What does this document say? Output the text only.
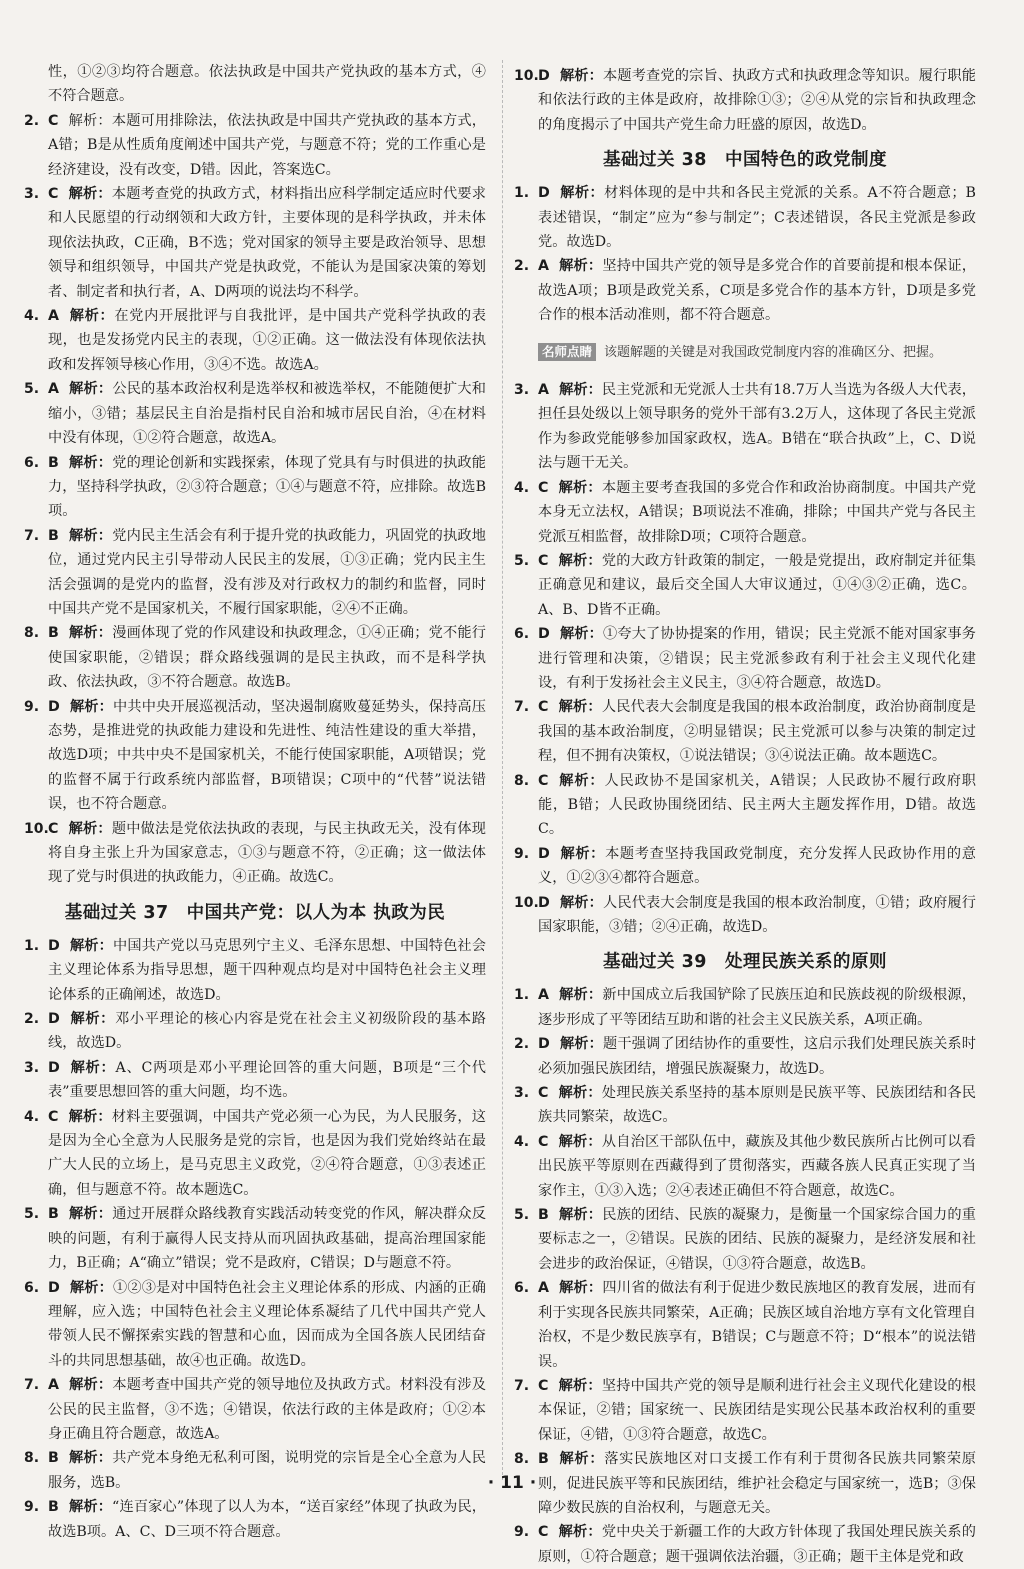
性，①②③均符合题意。依法执政是中国共产党执政的基本方式，④不符合题意。

2. C 解析：本题可用排除法，依法执政是中国共产党执政的基本方式，A错；B是从性质角度阐述中国共产党，与题意不符；党的工作重心是经济建设，没有改变，D错。因此，答案选C。

3. C 解析：本题考查党的执政方式，材料指出应科学制定适应时代要求和人民愿望的行动纲领和大政方针，主要体现的是科学执政，并未体现依法执政，C正确，B不选；党对国家的领导主要是政治领导、思想领导和组织领导，中国共产党是执政党，不能认为是国家决策的筹划者、制定者和执行者，A、D两项的说法均不科学。

4. A 解析：在党内开展批评与自我批评，是中国共产党科学执政的表现，也是发扬党内民主的表现，①②正确。这一做法没有体现依法执政和发挥领导核心作用，③④不选。故选A。

5. A 解析：公民的基本政治权利是选举权和被选举权，不能随便扩大和缩小，③错；基层民主自治是指村民自治和城市居民自治，④在材料中没有体现，①②符合题意，故选A。

6. B 解析：党的理论创新和实践探索，体现了党具有与时俱进的执政能力，坚持科学执政，②③符合题意；①④与题意不符，应排除。故选B项。

7. B 解析：党内民主生活会有利于提升党的执政能力，巩固党的执政地位，通过党内民主引导带动人民民主的发展，①③正确；党内民主生活会强调的是党内的监督，没有涉及对行政权力的制约和监督，同时中国共产党不是国家机关，不履行国家职能，②④不正确。

8. B 解析：漫画体现了党的作风建设和执政理念，①④正确；党不能行使国家职能，②错误；群众路线强调的是民主执政，而不是科学执政、依法执政，③不符合题意。故选B。

9. D 解析：中共中央开展巡视活动，坚决遏制腐败蔓延势头，保持高压态势，是推进党的执政能力建设和先进性、纯洁性建设的重大举措，故选D项；中共中央不是国家机关，不能行使国家职能，A项错误；党的监督不属于行政系统内部监督，B项错误；C项中的“代替”说法错误，也不符合题意。

10. C 解析：题中做法是党依法执政的表现，与民主执政无关，没有体现将自身主张上升为国家意志，①③与题意不符，②正确；这一做法体现了党与时俱进的执政能力，④正确。故选C。

基础过关 37 中国共产党：以人为本 执政为民

1. D 解析：中国共产党以马克思列宁主义、毛泽东思想、中国特色社会主义理论体系为指导思想，题干四种观点均是对中国特色社会主义理论体系的正确阐述，故选D。

2. D 解析：邓小平理论的核心内容是党在社会主义初级阶段的基本路线，故选D。

3. D 解析：A、C两项是邓小平理论回答的重大问题，B项是“三个代表”重要思想回答的重大问题，均不选。

4. C 解析：材料主要强调，中国共产党必须一心为民，为人民服务，这是因为全心全意为人民服务是党的宗旨，也是因为我们党始终站在最广大人民的立场上，是马克思主义政党，②④符合题意，①③表述正确，但与题意不符。故本题选C。

5. B 解析：通过开展群众路线教育实践活动转变党的作风，解决群众反映的问题，有利于赢得人民支持从而巩固执政基础，提高治理国家能力，B正确；A“确立”错误；党不是政府，C错误；D与题意不符。

6. D 解析：①②③是对中国特色社会主义理论体系的形成、内涵的正确理解，应入选；中国特色社会主义理论体系凝结了几代中国共产党人带领人民不懈探索实践的智慧和心血，因而成为全国各族人民团结奋斗的共同思想基础，故④也正确。故选D。

7. A 解析：本题考查中国共产党的领导地位及执政方式。材料没有涉及公民的民主监督，③不选；④错误，依法行政的主体是政府；①②本身正确且符合题意，故选A。

8. B 解析：共产党本身绝无私利可图，说明党的宗旨是全心全意为人民服务，选B。

9. B 解析：“连百家心”体现了以人为本，“送百家经”体现了执政为民，故选B项。A、C、D三项不符合题意。

10. D 解析：本题考查党的宗旨、执政方式和执政理念等知识。履行职能和依法行政的主体是政府，故排除①③；②④从党的宗旨和执政理念的角度揭示了中国共产党生命力旺盛的原因，故选D。

基础过关 38 中国特色的政党制度

1. D 解析：材料体现的是中共和各民主党派的关系。A不符合题意；B表述错误，“制定”应为“参与制定”；C表述错误，各民主党派是参政党。故选D。

2. A 解析：坚持中国共产党的领导是多党合作的首要前提和根本保证，故选A项；B项是政党关系，C项是多党合作的基本方针，D项是多党合作的根本活动准则，都不符合题意。

名师点睛 该题解题的关键是对我国政党制度内容的准确区分、把握。

3. A 解析：民主党派和无党派人士共有18.7万人当选为各级人大代表，担任县处级以上领导职务的党外干部有3.2万人，这体现了各民主党派作为参政党能够参加国家政权，选A。B错在“联合执政”上，C、D说法与题干无关。

4. C 解析：本题主要考查我国的多党合作和政治协商制度。中国共产党本身无立法权，A错误；B项说法不准确，排除；中国共产党与各民主党派互相监督，故排除D项；C项符合题意。

5. C 解析：党的大政方针政策的制定，一般是党提出，政府制定并征集正确意见和建议，最后交全国人大审议通过，①④③②正确，选C。A、B、D皆不正确。

6. D 解析：①夸大了协协提案的作用，错误；民主党派不能对国家事务进行管理和决策，②错误；民主党派参政有利于社会主义现代化建设，有利于发扬社会主义民主，③④符合题意，故选D。

7. C 解析：人民代表大会制度是我国的根本政治制度，政治协商制度是我国的基本政治制度，②明显错误；民主党派可以参与决策的制定过程，但不拥有决策权，①说法错误；③④说法正确。故本题选C。

8. C 解析：人民政协不是国家机关，A错误；人民政协不履行政府职能，B错；人民政协围绕团结、民主两大主题发挥作用，D错。故选C。

9. D 解析：本题考查坚持我国政党制度，充分发挥人民政协作用的意义，①②③④都符合题意。

10. D 解析：人民代表大会制度是我国的根本政治制度，①错；政府履行国家职能，③错；②④正确，故选D。

基础过关 39 处理民族关系的原则

1. A 解析：新中国成立后我国铲除了民族压迫和民族歧视的阶级根源，逐步形成了平等团结互助和谐的社会主义民族关系，A项正确。

2. D 解析：题干强调了团结协作的重要性，这启示我们处理民族关系时必须加强民族团结，增强民族凝聚力，故选D。

3. C 解析：处理民族关系坚持的基本原则是民族平等、民族团结和各民族共同繁荣，故选C。

4. C 解析：从自治区干部队伍中，藏族及其他少数民族所占比例可以看出民族平等原则在西藏得到了贯彻落实，西藏各族人民真正实现了当家作主，①③入选；②④表述正确但不符合题意，故选C。

5. B 解析：民族的团结、民族的凝聚力，是衡量一个国家综合国力的重要标志之一，②错误。民族的团结、民族的凝聚力，是经济发展和社会进步的政治保证，④错误，①③符合题意，故选B。

6. A 解析：四川省的做法有利于促进少数民族地区的教育发展，进而有利于实现各民族共同繁荣，A正确；民族区域自治地方享有文化管理自治权，不是少数民族享有，B错误；C与题意不符；D“根本”的说法错误。

7. C 解析：坚持中国共产党的领导是顺利进行社会主义现代化建设的根本保证，②错；国家统一、民族团结是实现公民基本政治权利的重要保证，④错，①③符合题意，故选C。

8. B 解析：落实民族地区对口支援工作有利于贯彻各民族共同繁荣原则，促进民族平等和民族团结，维护社会稳定与国家统一，选B；③保障少数民族的自治权利，与题意无关。

9. C 解析：党中央关于新疆工作的大政方针体现了我国处理民族关系的原则，①符合题意；题干强调依法治疆，③正确；题干主体是党和政

· 11 ·
